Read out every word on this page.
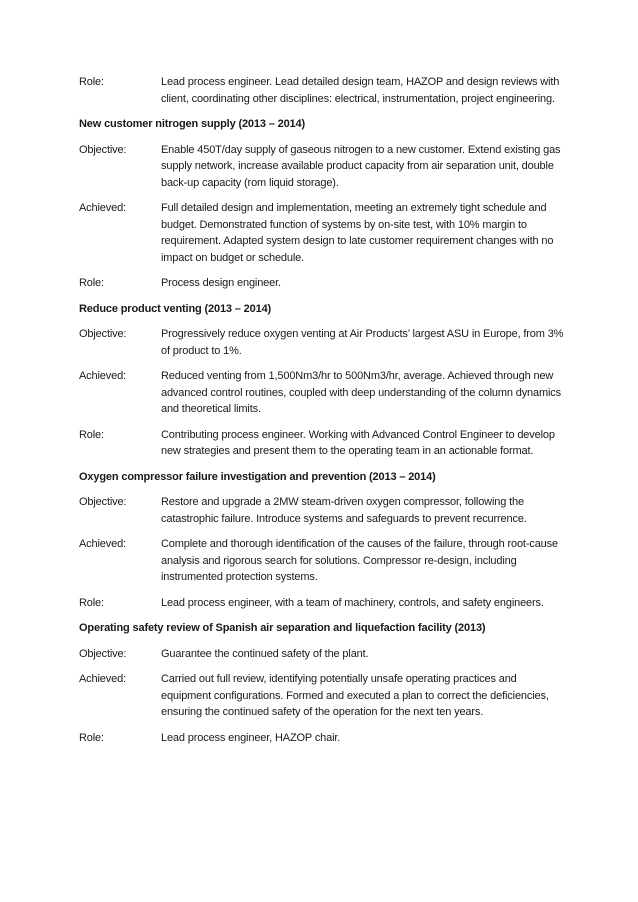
Role:	Lead process engineer. Lead detailed design team, HAZOP and design reviews with client, coordinating other disciplines: electrical, instrumentation, project engineering.
New customer nitrogen supply (2013 – 2014)
Objective:	Enable 450T/day supply of gaseous nitrogen to a new customer. Extend existing gas supply network, increase available product capacity from air separation unit, double back-up capacity (rom liquid storage).
Achieved:	Full detailed design and implementation, meeting an extremely tight schedule and budget. Demonstrated function of systems by on-site test, with 10% margin to requirement. Adapted system design to late customer requirement changes with no impact on budget or schedule.
Role:	Process design engineer.
Reduce product venting (2013 – 2014)
Objective:	Progressively reduce oxygen venting at Air Products’ largest ASU in Europe, from 3% of product to 1%.
Achieved:	Reduced venting from 1,500Nm3/hr to 500Nm3/hr, average. Achieved through new advanced control routines, coupled with deep understanding of the column dynamics and theoretical limits.
Role:	Contributing process engineer. Working with Advanced Control Engineer to develop new strategies and present them to the operating team in an actionable format.
Oxygen compressor failure investigation and prevention (2013 – 2014)
Objective:	Restore and upgrade a 2MW steam-driven oxygen compressor, following the catastrophic failure. Introduce systems and safeguards to prevent recurrence.
Achieved:	Complete and thorough identification of the causes of the failure, through root-cause analysis and rigorous search for solutions. Compressor re-design, including instrumented protection systems.
Role:	Lead process engineer, with a team of machinery, controls, and safety engineers.
Operating safety review of Spanish air separation and liquefaction facility (2013)
Objective:	Guarantee the continued safety of the plant.
Achieved:	Carried out full review, identifying potentially unsafe operating practices and equipment configurations. Formed and executed a plan to correct the deficiencies, ensuring the continued safety of the operation for the next ten years.
Role:	Lead process engineer, HAZOP chair.
